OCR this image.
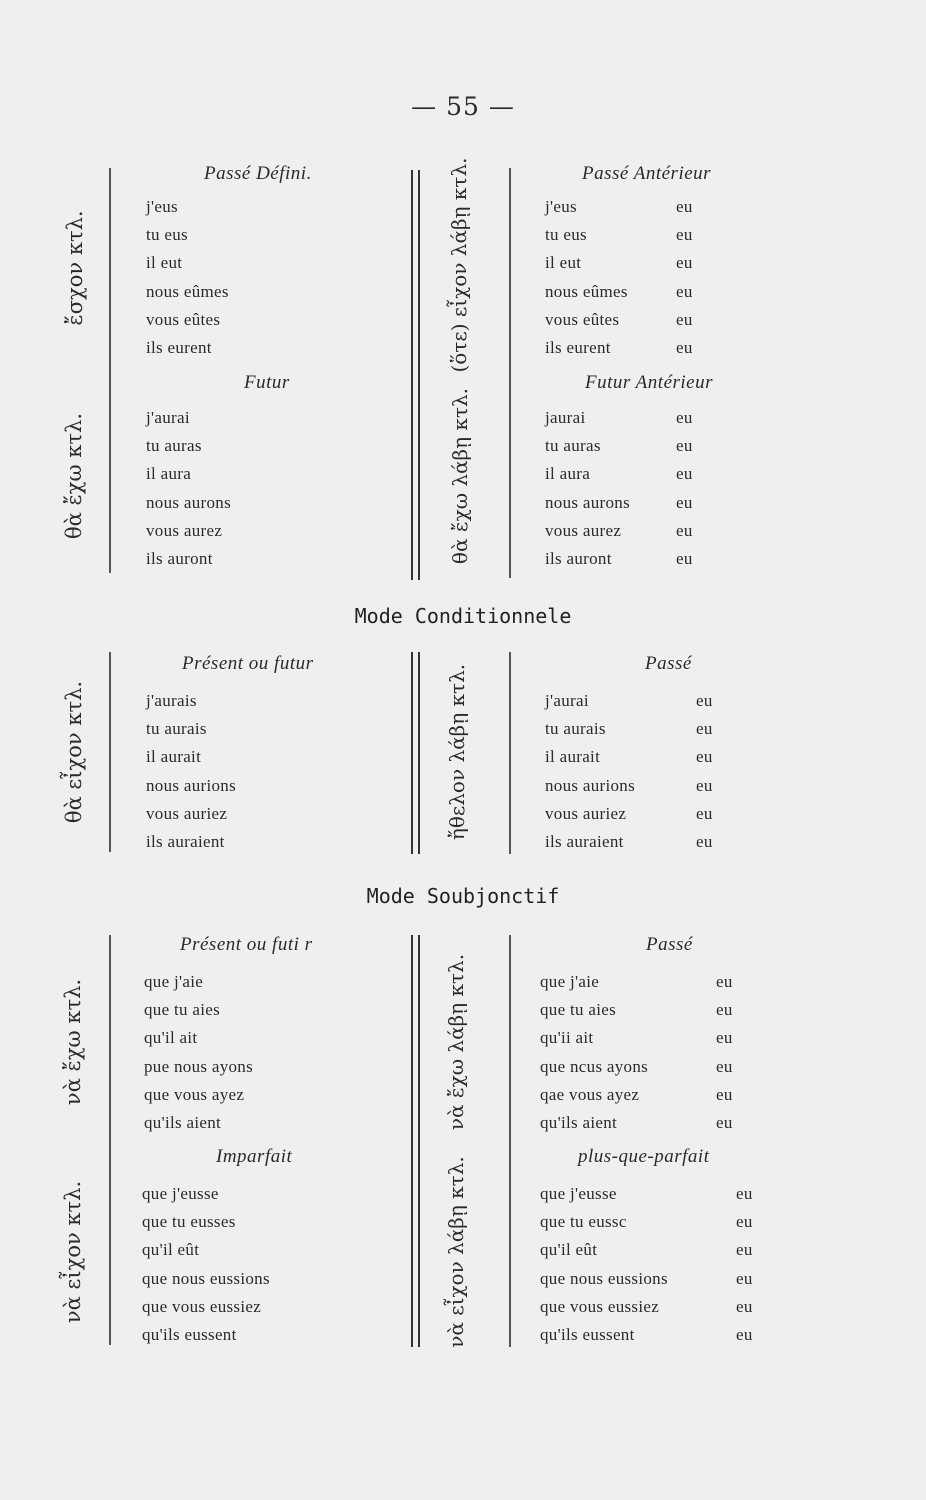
— 55 —
Mode Conditionnele
Mode Soubjonctif
ἔσχον κτλ.
θὰ ἔχω κτλ.
θὰ εἶχον κτλ.
νὰ ἔχω κτλ.
νὰ εἶχον κτλ.
(ὅτε) εἶχον λάβῃ κτλ.
θὰ ἔχω λάβῃ κτλ.
ἤθελον λάβῃ κτλ.
νὰ ἔχω λάβῃ κτλ.
νὰ εἶχον λάβῃ κτλ.
Passé Défini.
j'eus
tu eus
il eut
nous eûmes
vous eûtes
ils eurent
Passé Antérieur
j'eus	eu
tu eus	eu
il eut	eu
nous eûmes	eu
vous eûtes	eu
ils eurent	eu
Futur
j'aurai
tu auras
il aura
nous aurons
vous aurez
ils auront
Futur Antérieur
jaurai	eu
tu auras	eu
il aura	eu
nous aurons	eu
vous aurez	eu
ils auront	eu
Présent ou futur
j'aurais
tu aurais
il aurait
nous aurions
vous auriez
ils auraient
Passé
j'aurai	eu
tu aurais	eu
il aurait	eu
nous aurions	eu
vous auriez	eu
ils auraient	eu
Présent ou futi r
que j'aie
que tu aies
qu'il ait
pue nous ayons
que vous ayez
qu'ils aient
Passé
que j'aie	eu
que tu aies	eu
qu'ii ait	eu
que ncus ayons	eu
qae vous ayez	eu
qu'ils aient	eu
Imparfait
que j'eusse
que tu eusses
qu'il eût
que nous eussions
que vous eussiez
qu'ils eussent
plus-que-parfait
que j'eusse	eu
que tu eussc	eu
qu'il eût	eu
que nous eussions	eu
que vous eussiez	eu
qu'ils eussent	eu
